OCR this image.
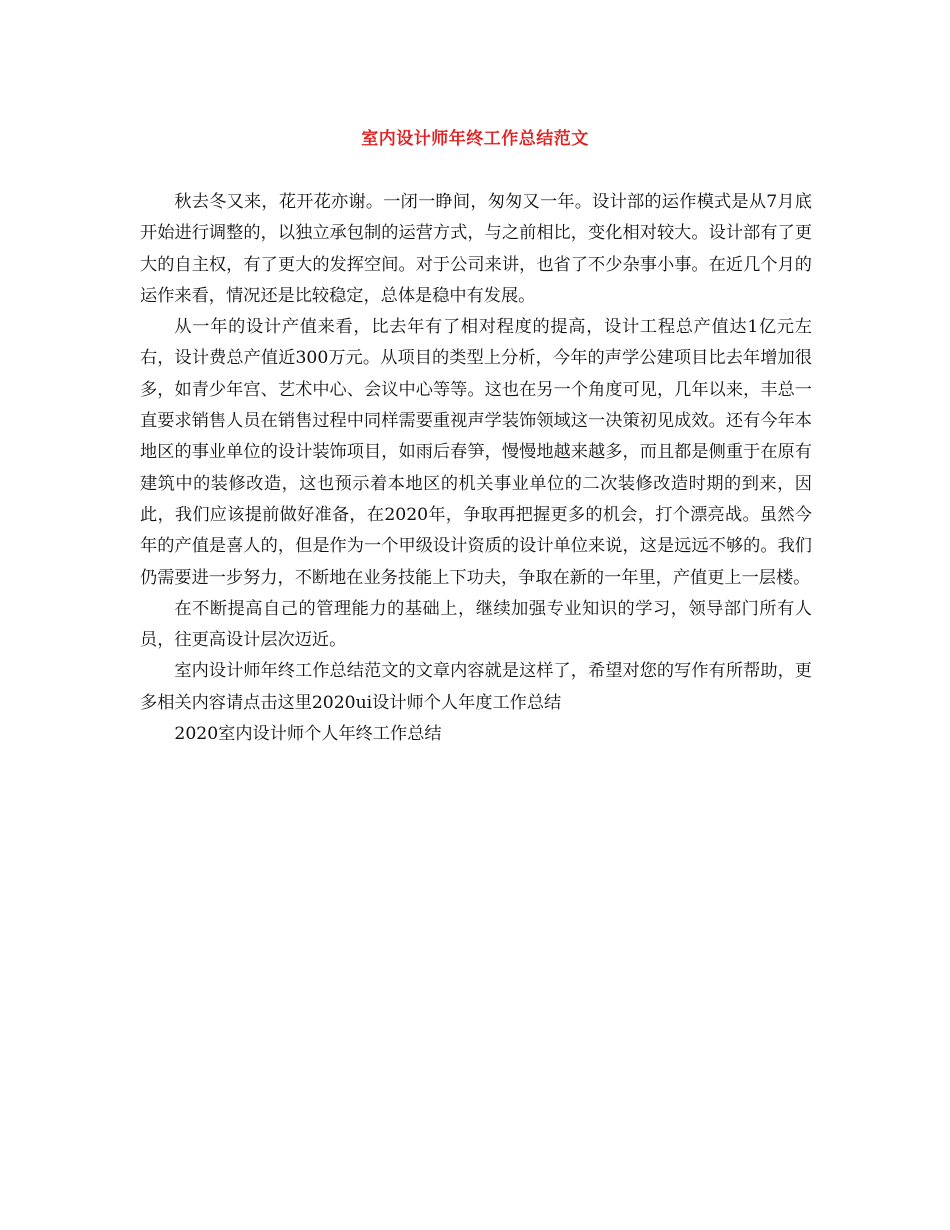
室内设计师年终工作总结范文

秋去冬又来，花开花亦谢。一闭一睁间，匆匆又一年。设计部的运作模式是从7月底开始进行调整的，以独立承包制的运营方式，与之前相比，变化相对较大。设计部有了更大的自主权，有了更大的发挥空间。对于公司来讲，也省了不少杂事小事。在近几个月的运作来看，情况还是比较稳定，总体是稳中有发展。

从一年的设计产值来看，比去年有了相对程度的提高，设计工程总产值达1亿元左右，设计费总产值近300万元。从项目的类型上分析，今年的声学公建项目比去年增加很多，如青少年宫、艺术中心、会议中心等等。这也在另一个角度可见，几年以来，丰总一直要求销售人员在销售过程中同样需要重视声学装饰领域这一决策初见成效。还有今年本地区的事业单位的设计装饰项目，如雨后春笋，慢慢地越来越多，而且都是侧重于在原有建筑中的装修改造，这也预示着本地区的机关事业单位的二次装修改造时期的到来，因此，我们应该提前做好准备，在2020年，争取再把握更多的机会，打个漂亮战。虽然今年的产值是喜人的，但是作为一个甲级设计资质的设计单位来说，这是远远不够的。我们仍需要进一步努力，不断地在业务技能上下功夫，争取在新的一年里，产值更上一层楼。

在不断提高自己的管理能力的基础上，继续加强专业知识的学习，领导部门所有人员，往更高设计层次迈近。

室内设计师年终工作总结范文的文章内容就是这样了，希望对您的写作有所帮助，更多相关内容请点击这里2020ui设计师个人年度工作总结

2020室内设计师个人年终工作总结
